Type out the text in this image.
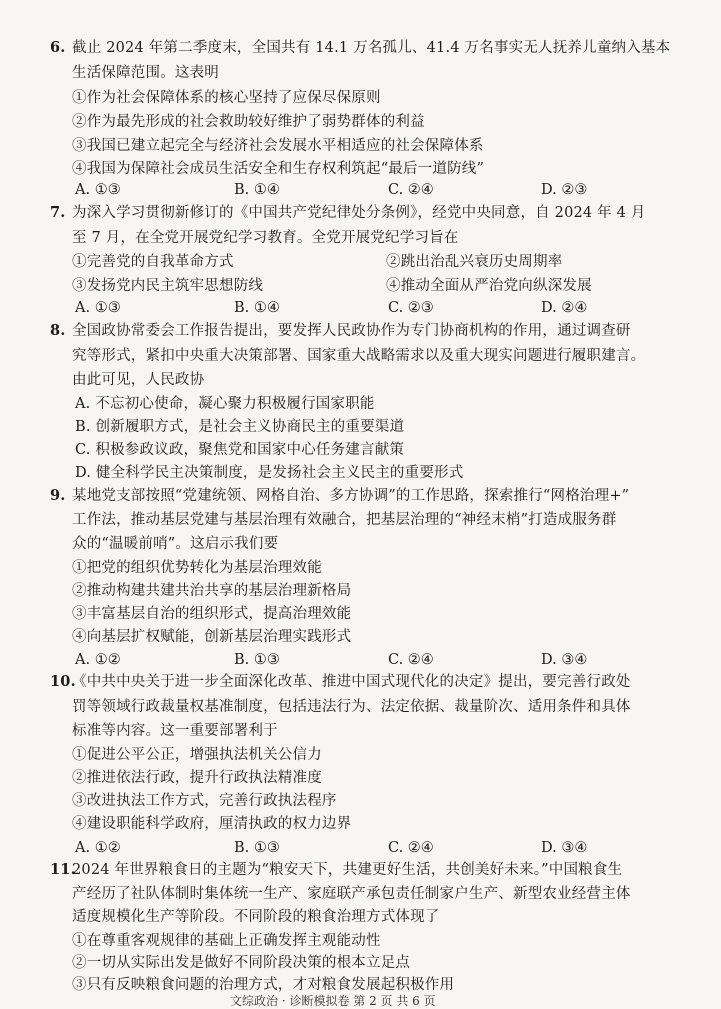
6. 截止 2024 年第二季度末，全国共有 14.1 万名孤儿、41.4 万名事实无人抚养儿童纳入基本
生活保障范围。这表明
①作为社会保障体系的核心坚持了应保尽保原则
②作为最先形成的社会救助较好维护了弱势群体的利益
③我国已建立起完全与经济社会发展水平相适应的社会保障体系
④我国为保障社会成员生活安全和生存权利筑起“最后一道防线”
A. ①③	B. ①④	C. ②④	D. ②③
7. 为深入学习贯彻新修订的《中国共产党纪律处分条例》，经党中央同意，自 2024 年 4 月
至 7 月，在全党开展党纪学习教育。全党开展党纪学习旨在
①完善党的自我革命方式	②跳出治乱兴衰历史周期率
③发扬党内民主筑牢思想防线	④推动全面从严治党向纵深发展
A. ①③	B. ①④	C. ②③	D. ②④
8. 全国政协常委会工作报告提出，要发挥人民政协作为专门协商机构的作用，通过调查研
究等形式，紧扣中央重大决策部署、国家重大战略需求以及重大现实问题进行履职建言。
由此可见，人民政协
A. 不忘初心使命，凝心聚力积极履行国家职能
B. 创新履职方式，是社会主义协商民主的重要渠道
C. 积极参政议政，聚焦党和国家中心任务建言献策
D. 健全科学民主决策制度，是发扬社会主义民主的重要形式
9. 某地党支部按照“党建统领、网格自治、多方协调”的工作思路，探索推行“网格治理+”
工作法，推动基层党建与基层治理有效融合，把基层治理的“神经末梢”打造成服务群
众的“温暖前哨”。这启示我们要
①把党的组织优势转化为基层治理效能
②推动构建共建共治共享的基层治理新格局
③丰富基层自治的组织形式，提高治理效能
④向基层扩权赋能，创新基层治理实践形式
A. ①②	B. ①③	C. ②④	D. ③④
10.
《中共中央关于进一步全面深化改革、推进中国式现代化的决定》提出，要完善行政处
罚等领域行政裁量权基准制度，包括违法行为、法定依据、裁量阶次、适用条件和具体
标准等内容。这一重要部署利于
①促进公平公正，增强执法机关公信力
②推进依法行政，提升行政执法精准度
③改进执法工作方式，完善行政执法程序
④建设职能科学政府，厘清执政的权力边界
A. ①②	B. ①③	C. ②④	D. ③④
11.
2024 年世界粮食日的主题为“粮安天下，共建更好生活，共创美好未来。”中国粮食生
产经历了社队体制时集体统一生产、家庭联产承包责任制家户生产、新型农业经营主体
适度规模化生产等阶段。不同阶段的粮食治理方式体现了
①在尊重客观规律的基础上正确发挥主观能动性
②一切从实际出发是做好不同阶段决策的根本立足点
③只有反映粮食问题的治理方式，才对粮食发展起积极作用
文综政治 · 诊断模拟卷 第 2 页 共 6 页
